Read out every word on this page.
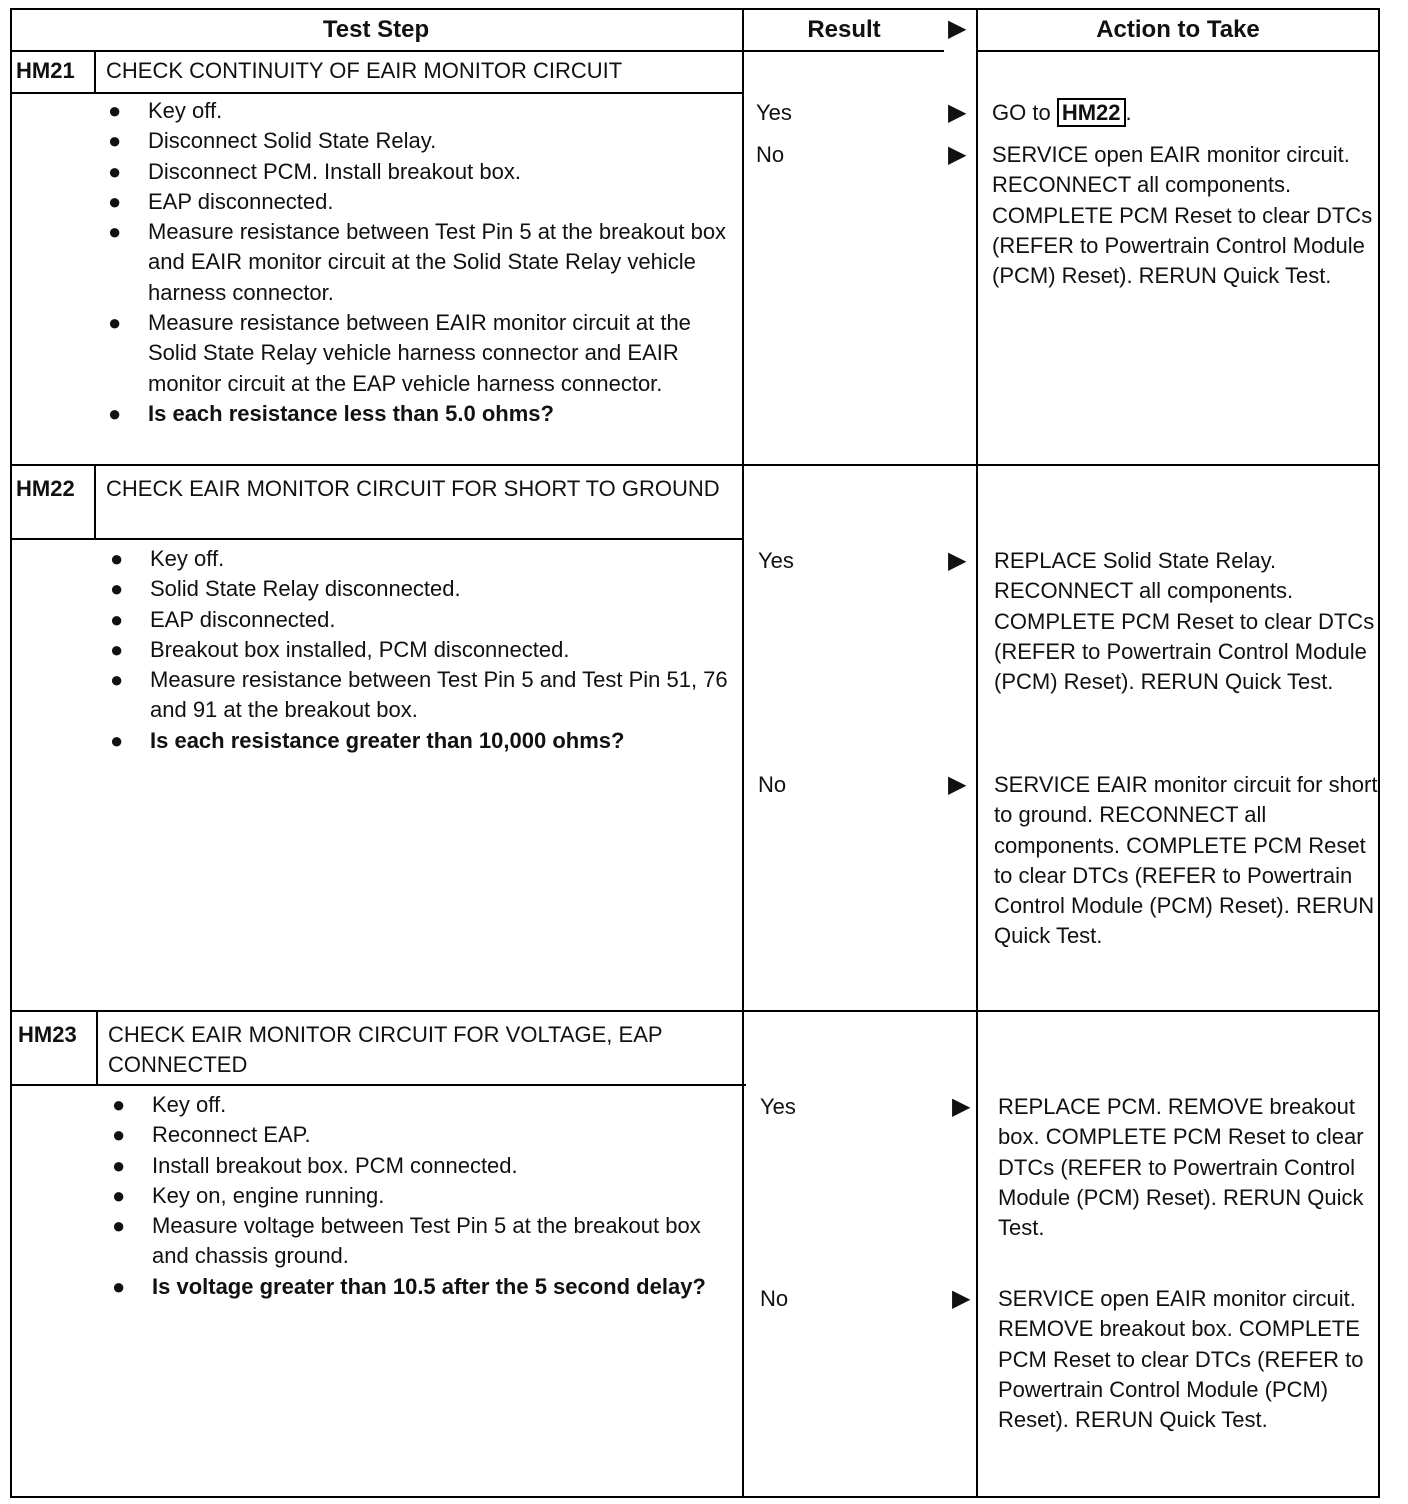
Test Step	Result	▶	Action to Take
HM21 CHECK CONTINUITY OF EAIR MONITOR CIRCUIT
● Key off.
● Disconnect Solid State Relay.
● Disconnect PCM. Install breakout box.
● EAP disconnected.
● Measure resistance between Test Pin 5 at the breakout box and EAIR monitor circuit at the Solid State Relay vehicle harness connector.
● Measure resistance between EAIR monitor circuit at the Solid State Relay vehicle harness connector and EAIR monitor circuit at the EAP vehicle harness connector.
● Is each resistance less than 5.0 ohms?
Yes	▶ GO to HM22 .
No	▶ SERVICE open EAIR monitor circuit. RECONNECT all components. COMPLETE PCM Reset to clear DTCs (REFER to Powertrain Control Module (PCM) Reset). RERUN Quick Test.
HM22 CHECK EAIR MONITOR CIRCUIT FOR SHORT TO GROUND
● Key off.
● Solid State Relay disconnected.
● EAP disconnected.
● Breakout box installed, PCM disconnected.
● Measure resistance between Test Pin 5 and Test Pin 51, 76 and 91 at the breakout box.
● Is each resistance greater than 10,000 ohms?
Yes	▶ REPLACE Solid State Relay. RECONNECT all components. COMPLETE PCM Reset to clear DTCs (REFER to Powertrain Control Module (PCM) Reset). RERUN Quick Test.
No	▶ SERVICE EAIR monitor circuit for short to ground. RECONNECT all components. COMPLETE PCM Reset to clear DTCs (REFER to Powertrain Control Module (PCM) Reset). RERUN Quick Test.
HM23 CHECK EAIR MONITOR CIRCUIT FOR VOLTAGE, EAP CONNECTED
● Key off.
● Reconnect EAP.
● Install breakout box. PCM connected.
● Key on, engine running.
● Measure voltage between Test Pin 5 at the breakout box and chassis ground.
● Is voltage greater than 10.5 after the 5 second delay?
Yes	▶ REPLACE PCM. REMOVE breakout box. COMPLETE PCM Reset to clear DTCs (REFER to Powertrain Control Module (PCM) Reset). RERUN Quick Test.
No	▶ SERVICE open EAIR monitor circuit. REMOVE breakout box. COMPLETE PCM Reset to clear DTCs (REFER to Powertrain Control Module (PCM) Reset). RERUN Quick Test.
